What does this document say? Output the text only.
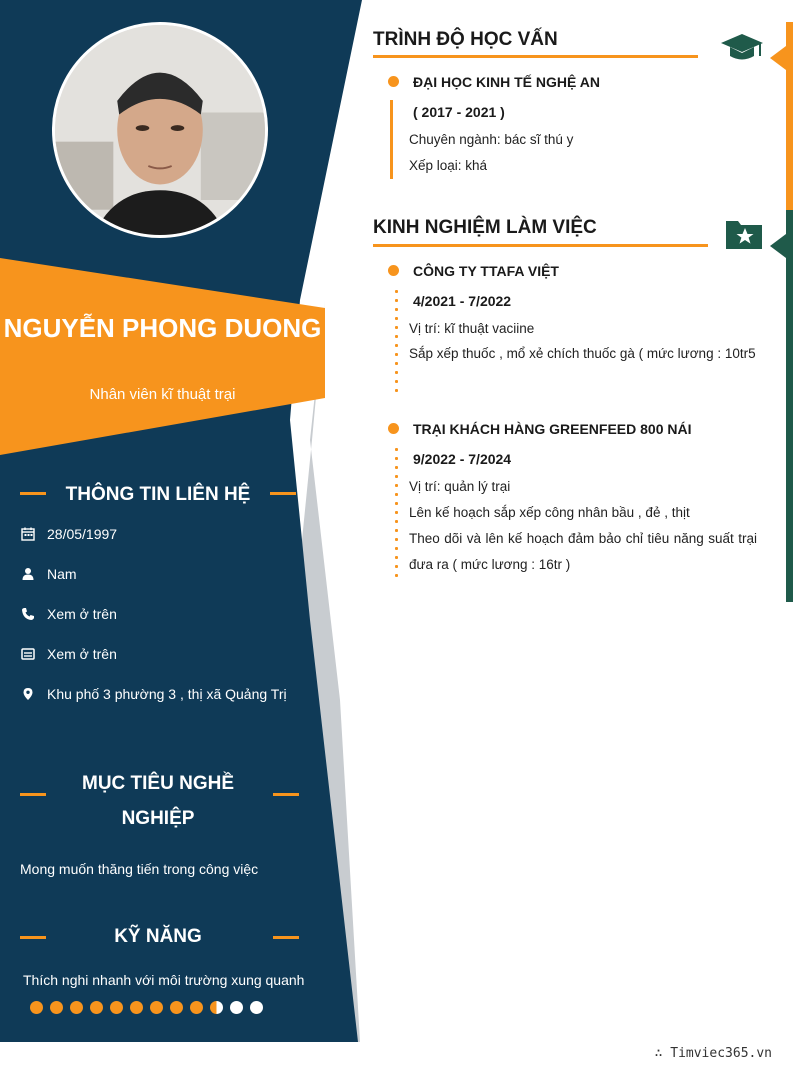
NGUYỄN PHONG DUONG
Nhân viên kĩ thuật trại
THÔNG TIN LIÊN HỆ
28/05/1997
Nam
Xem ở trên
Xem ở trên
Khu phố 3 phường 3 , thị xã Quảng Trị
MỤC TIÊU NGHỀ
NGHIỆP
Mong muốn thăng tiến trong công việc
KỸ NĂNG
Thích nghi nhanh với môi trường xung quanh
TRÌNH ĐỘ HỌC VẤN
ĐẠI HỌC KINH TẾ NGHỆ AN
( 2017 - 2021 )
Chuyên ngành: bác sĩ thú y
Xếp loại: khá
KINH NGHIỆM LÀM VIỆC
CÔNG TY TTAFA VIỆT
4/2021 - 7/2022
Vị trí: kĩ thuật vaciine
Sắp xếp thuốc , mổ xẻ chích thuốc gà ( mức lương : 10tr5
TRẠI KHÁCH HÀNG GREENFEED 800 NÁI
9/2022 - 7/2024
Vị trí: quản lý trại
Lên kế hoạch sắp xếp công nhân bầu , đẻ , thịt
Theo dõi và lên kế hoạch đảm bảo chỉ tiêu năng suất trại đưa ra ( mức lương : 16tr )
∴ Timviec365.vn
